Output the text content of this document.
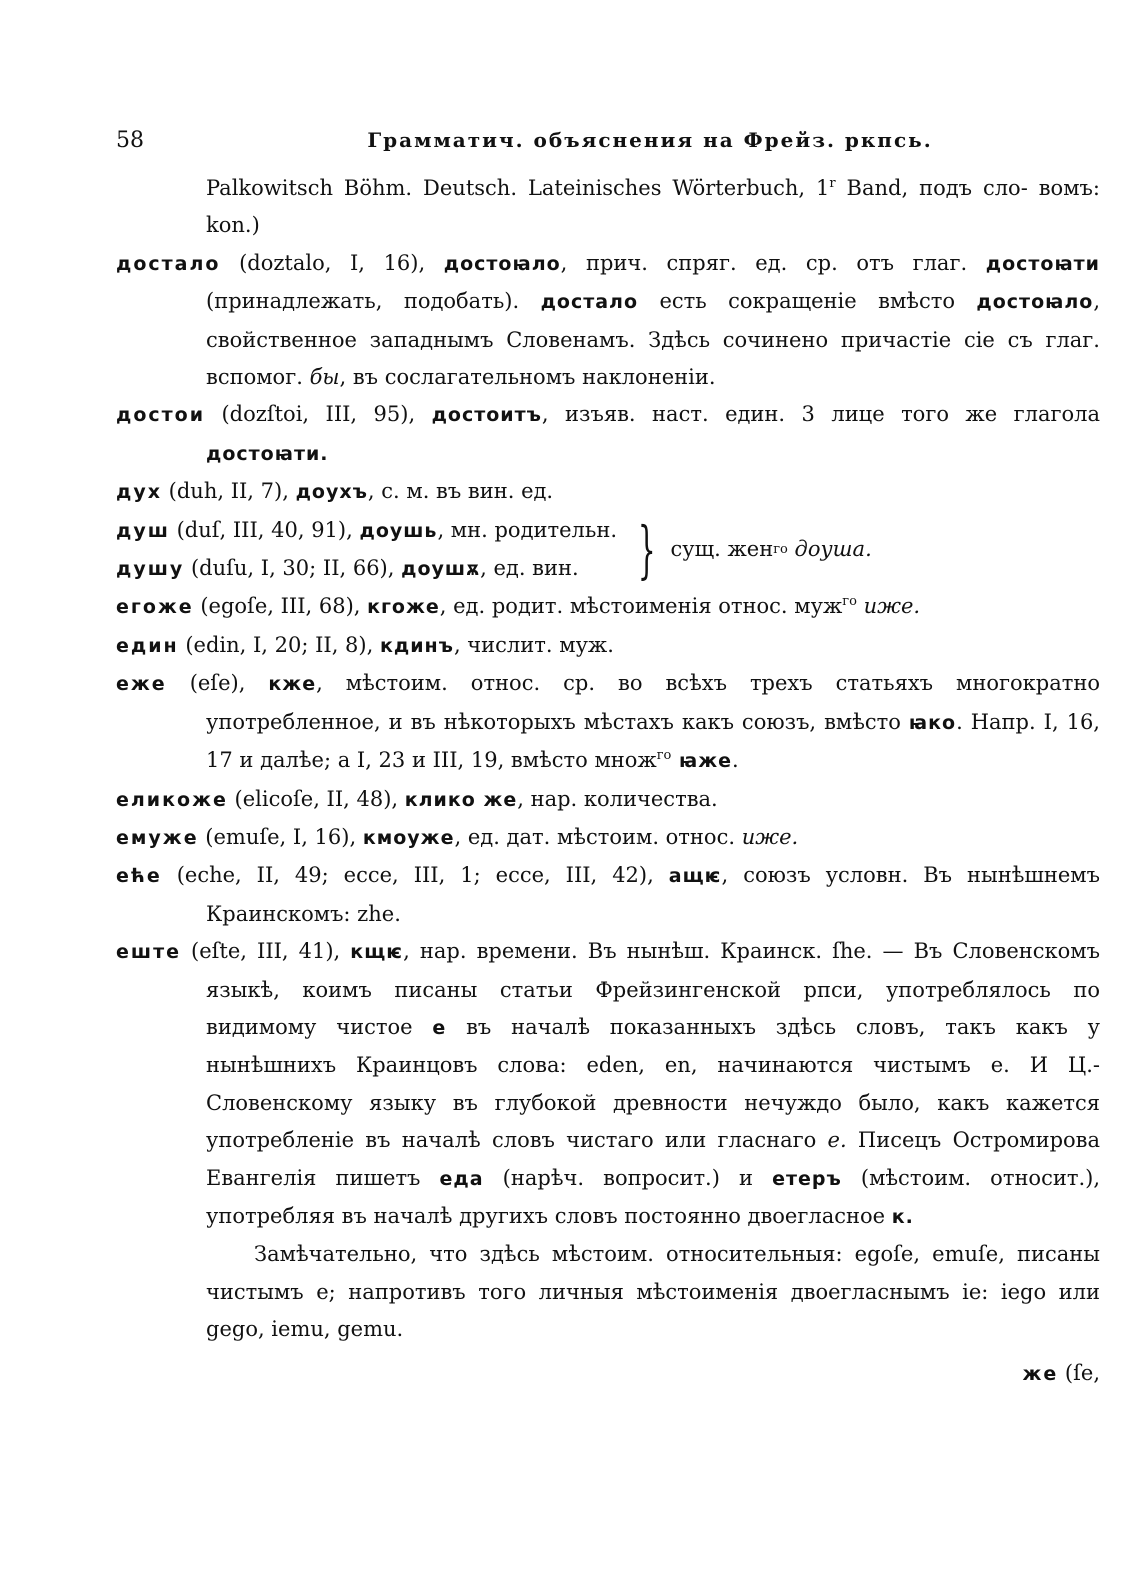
58	Грамматич. объяснения на Фрейз. ркпсь.

Palkowitsch Böhm. Deutsch. Lateinisches Wörterbuch, 1$^r$ Band, подъ сло- вомъ: kon.)

достало (doztalo, I, 16), достоꙗло, прич. спряг. ед. ср. отъ глаг. достоꙗти (принадлежать, подобать). достало есть сокращеніе вмѣсто достоꙗло, свойственное западнымъ Словенамъ. Здѣсь сочинено причастіе сіе съ глаг. вспомог. бы, въ сослагательномъ наклоненіи.

достои (dozſtoi, III, 95), достоитъ, изъяв. наст. един. 3 лице того же глагола достоꙗти.

дух (duh, II, 7), доухъ, с. м. въ вин. ед.

душ (duſ, III, 40, 91), доушь, мн. родительн.
душу (duſu, I, 30; II, 66), доушѫ, ед. вин. } сущ. жен го
доуша.

егоже (egoſe, III, 68), кгоже, ед. родит. мѣстоименія относ. муж$^{го}$ иже.

един (edin, I, 20; II, 8), кдинъ, числит. муж.

еже (eſe), кже, мѣстоим. относ. ср. во всѣхъ трехъ статьяхъ многократно употребленное, и въ нѣкоторыхъ мѣстахъ какъ союзъ, вмѣсто ꙗко. Напр. I, 16, 17 и далѣе; а I, 23 и III, 19, вмѣсто множ$^{го}$ ꙗже.

еликоже (elicoſe, II, 48), клико же, нар. количества.

емуже (emuſe, I, 16), кмоуже, ед. дат. мѣстоим. относ. иже.

еће (eche, II, 49; ecce, III, 1; ecce, III, 42), ащѥ, союзъ условн. Въ нынѣшнемъ Краинскомъ: zhe.

еште (eſte, III, 41), кщѥ, нар. времени. Въ нынѣш. Краинск. ſhe. — Въ Словенскомъ языкѣ, коимъ писаны статьи Фрейзингенской рпси, употреблялось по видимому чистое е въ началѣ показанныхъ здѣсь словъ, такъ какъ у нынѣшнихъ Краинцовъ слова: eden, en, начинаются чистымъ e. И Ц.-Словенскому языку въ глубокой древности нечуждо было, какъ кажется употребленіе въ началѣ словъ чистаго или гласнаго е. Писецъ Остромирова Евангелія пишетъ еда (нарѣч. вопросит.) и етеръ (мѣстоим. относит.), употребляя въ началѣ другихъ словъ постоянно двоегласное к.

Замѣчательно, что здѣсь мѣстоим. относительныя: egoſe, emuſe, писаны чистымъ e; напротивъ того личныя мѣстоименія двоегласнымъ ie: iego или gego, iemu, gemu.

же (ſe,
